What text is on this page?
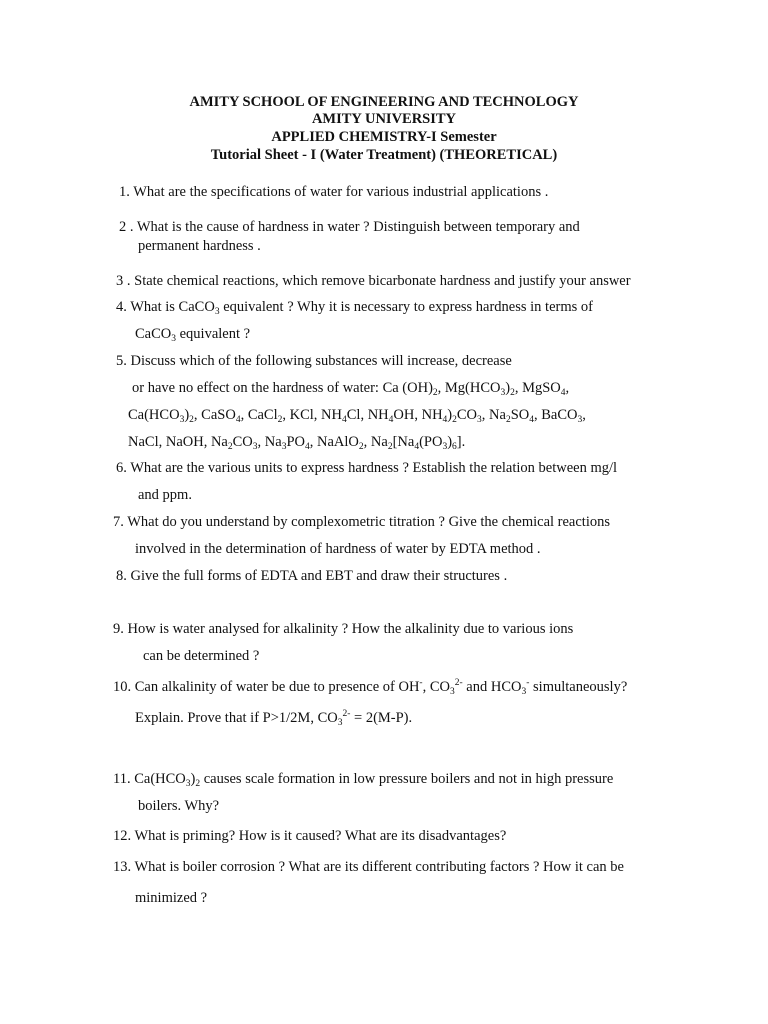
AMITY SCHOOL OF ENGINEERING AND TECHNOLOGY
AMITY UNIVERSITY
APPLIED CHEMISTRY-I Semester
Tutorial Sheet - I (Water Treatment) (THEORETICAL)
1. What are the specifications of water for various industrial applications .
2 . What is the cause of hardness in water ? Distinguish between temporary and
permanent hardness .
3 . State chemical reactions, which remove bicarbonate hardness and justify your answer
4. What is CaCO$_3$ equivalent ? Why it is necessary to express hardness in terms of
CaCO$_3$ equivalent ?
5. Discuss which of the following substances will increase, decrease
or have no effect on the hardness of water: Ca $(OH)_2$, $Mg(HCO_3)_2$, MgSO$_4$,
$Ca(HCO_3)_2$, CaSO$_4$, CaCl$_2$, KCl, $NH_4Cl$, $NH_4OH$, $NH_4)_2CO_3$, $Na_2SO_4$, BaCO$_3$,
NaCl, NaOH, $Na_2CO_3$, $Na_3PO_4$, NaAlO$_2$, $Na_2[Na_4(PO_3)_6]$.
6. What are the various units to express hardness ? Establish the relation between mg/l
and ppm.
7. What do you understand by complexometric titration ? Give the chemical reactions
involved in the determination of hardness of water by EDTA method .
8. Give the full forms of EDTA and EBT and draw their structures .
9. How is water analysed for alkalinity ? How the alkalinity due to various ions
can be determined ?
10. Can alkalinity of water be due to presence of OH-, $CO_3^{2-}$ and $HCO_3^-$ simultaneously?
Explain. Prove that if P>1/2M, $CO_3^{2-} = 2(M-P)$.
11. $Ca(HCO_3)_2$ causes scale formation in low pressure boilers and not in high pressure
boilers. Why?
12. What is priming? How is it caused? What are its disadvantages?
13. What is boiler corrosion ? What are its different contributing factors ? How it can be
minimized ?
